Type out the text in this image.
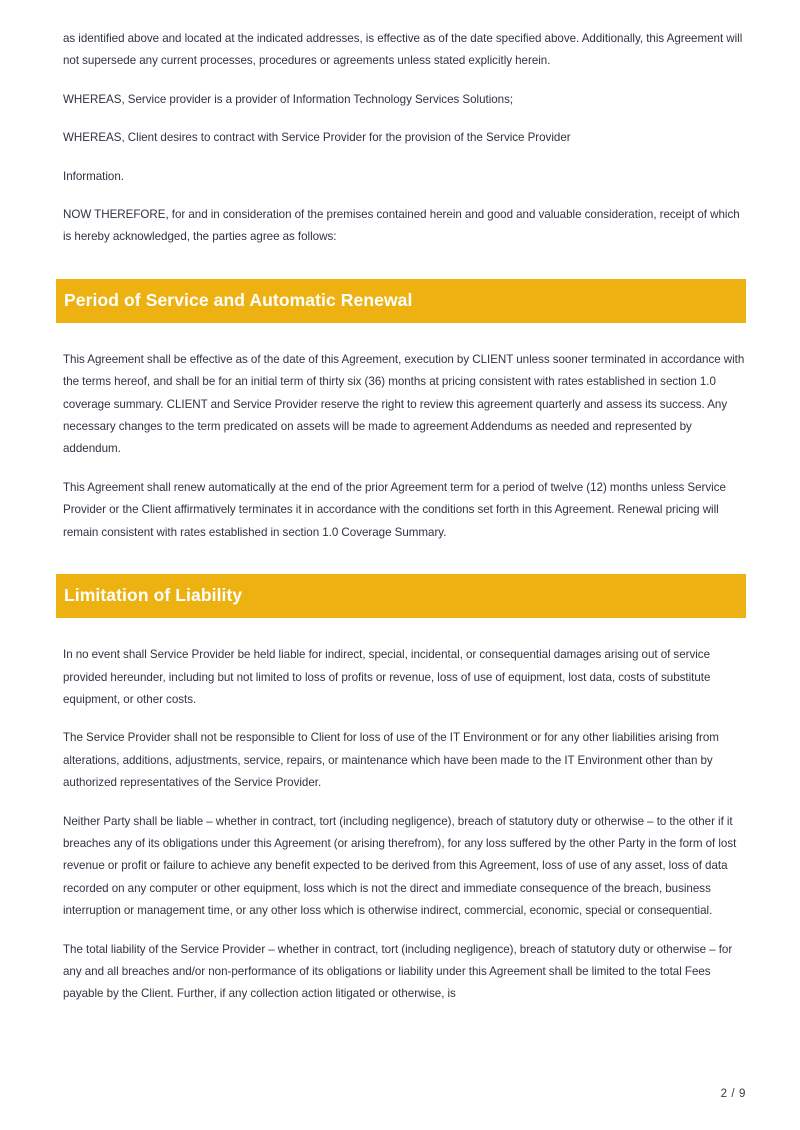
as identified above and located at the indicated addresses, is effective as of the date specified above. Additionally, this Agreement will not supersede any current processes, procedures or agreements unless stated explicitly herein.

WHEREAS, Service provider is a provider of Information Technology Services Solutions;

WHEREAS, Client desires to contract with Service Provider for the provision of the Service Provider

Information.

NOW THEREFORE, for and in consideration of the premises contained herein and good and valuable consideration, receipt of which is hereby acknowledged, the parties agree as follows:

Period of Service and Automatic Renewal

This Agreement shall be effective as of the date of this Agreement, execution by CLIENT unless sooner terminated in accordance with the terms hereof, and shall be for an initial term of thirty six (36) months at pricing consistent with rates established in section 1.0 coverage summary. CLIENT and Service Provider reserve the right to review this agreement quarterly and assess its success. Any necessary changes to the term predicated on assets will be made to agreement Addendums as needed and represented by addendum.

This Agreement shall renew automatically at the end of the prior Agreement term for a period of twelve (12) months unless Service Provider or the Client affirmatively terminates it in accordance with the conditions set forth in this Agreement. Renewal pricing will remain consistent with rates established in section 1.0 Coverage Summary.

Limitation of Liability

In no event shall Service Provider be held liable for indirect, special, incidental, or consequential damages arising out of service provided hereunder, including but not limited to loss of profits or revenue, loss of use of equipment, lost data, costs of substitute equipment, or other costs.

The Service Provider shall not be responsible to Client for loss of use of the IT Environment or for any other liabilities arising from alterations, additions, adjustments, service, repairs, or maintenance which have been made to the IT Environment other than by authorized representatives of the Service Provider.

Neither Party shall be liable – whether in contract, tort (including negligence), breach of statutory duty or otherwise – to the other if it breaches any of its obligations under this Agreement (or arising therefrom), for any loss suffered by the other Party in the form of lost revenue or profit or failure to achieve any benefit expected to be derived from this Agreement, loss of use of any asset, loss of data recorded on any computer or other equipment, loss which is not the direct and immediate consequence of the breach, business interruption or management time, or any other loss which is otherwise indirect, commercial, economic, special or consequential.

The total liability of the Service Provider – whether in contract, tort (including negligence), breach of statutory duty or otherwise – for any and all breaches and/or non-performance of its obligations or liability under this Agreement shall be limited to the total Fees payable by the Client. Further, if any collection action litigated or otherwise, is

2 / 9
